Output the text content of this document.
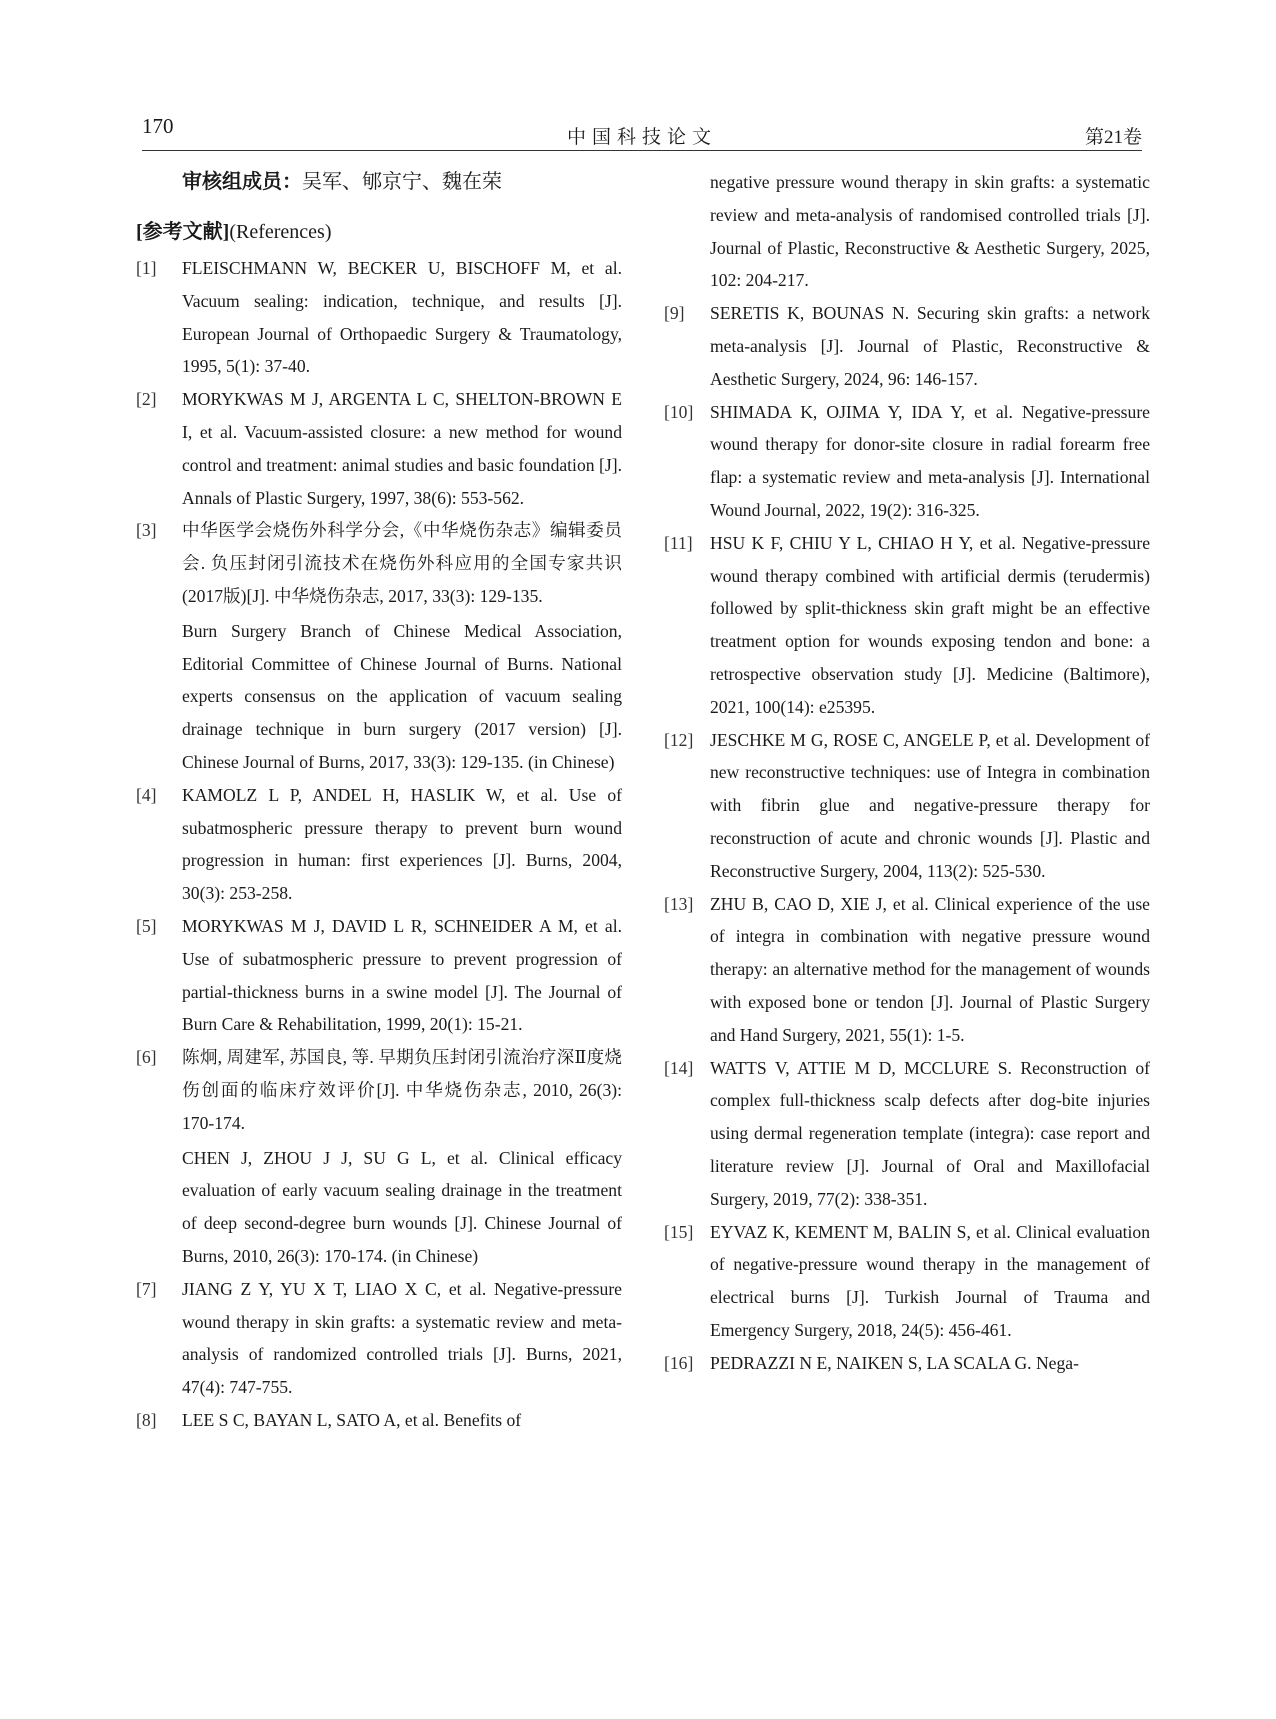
170	中国科技论文	第21卷
审核组成员：吴军、郇京宁、魏在荣
[参考文献](References)
[1]	FLEISCHMANN W, BECKER U, BISCHOFF M, et al. Vacuum sealing: indication, technique, and results [J]. European Journal of Orthopaedic Surgery & Traumatology, 1995, 5(1): 37-40.

[2]	MORYKWAS M J, ARGENTA L C, SHELTON-BROWN E I, et al. Vacuum-assisted closure: a new method for wound control and treatment: animal studies and basic foundation [J]. Annals of Plastic Surgery, 1997, 38(6): 553-562.

[3]	中华医学会烧伤外科学分会,《中华烧伤杂志》编辑委员会. 负压封闭引流技术在烧伤外科应用的全国专家共识(2017版)[J]. 中华烧伤杂志, 2017, 33(3): 129-135.

Burn Surgery Branch of Chinese Medical Association, Editorial Committee of Chinese Journal of Burns. National experts consensus on the application of vacuum sealing drainage technique in burn surgery (2017 version) [J]. Chinese Journal of Burns, 2017, 33(3): 129-135. (in Chinese)

[4]	KAMOLZ L P, ANDEL H, HASLIK W, et al. Use of subatmospheric pressure therapy to prevent burn wound progression in human: first experiences [J]. Burns, 2004, 30(3): 253-258.

[5]	MORYKWAS M J, DAVID L R, SCHNEIDER A M, et al. Use of subatmospheric pressure to prevent progression of partial-thickness burns in a swine model [J]. The Journal of Burn Care & Rehabilitation, 1999, 20(1): 15-21.

[6]	陈炯, 周建军, 苏国良, 等. 早期负压封闭引流治疗深Ⅱ度烧伤创面的临床疗效评价[J]. 中华烧伤杂志, 2010, 26(3): 170-174.

CHEN J, ZHOU J J, SU G L, et al. Clinical efficacy evaluation of early vacuum sealing drainage in the treatment of deep second-degree burn wounds [J]. Chinese Journal of Burns, 2010, 26(3): 170-174. (in Chinese)

[7]	JIANG Z Y, YU X T, LIAO X C, et al. Negative-pressure wound therapy in skin grafts: a systematic review and meta-analysis of randomized controlled trials [J]. Burns, 2021, 47(4): 747-755.

[8]	LEE S C, BAYAN L, SATO A, et al. Benefits of

negative pressure wound therapy in skin grafts: a systematic review and meta-analysis of randomised controlled trials [J]. Journal of Plastic, Reconstructive & Aesthetic Surgery, 2025, 102: 204-217.

[9]	SERETIS K, BOUNAS N. Securing skin grafts: a network meta-analysis [J]. Journal of Plastic, Reconstructive & Aesthetic Surgery, 2024, 96: 146-157.

[10] SHIMADA K, OJIMA Y, IDA Y, et al. Negative-pressure wound therapy for donor-site closure in radial forearm free flap: a systematic review and meta-analysis [J]. International Wound Journal, 2022, 19(2): 316-325.

[11] HSU K F, CHIU Y L, CHIAO H Y, et al. Negative-pressure wound therapy combined with artificial dermis (terudermis) followed by split-thickness skin graft might be an effective treatment option for wounds exposing tendon and bone: a retrospective observation study [J]. Medicine (Baltimore), 2021, 100(14): e25395.

[12] JESCHKE M G, ROSE C, ANGELE P, et al. Development of new reconstructive techniques: use of Integra in combination with fibrin glue and negative-pressure therapy for reconstruction of acute and chronic wounds [J]. Plastic and Reconstructive Surgery, 2004, 113(2): 525-530.

[13] ZHU B, CAO D, XIE J, et al. Clinical experience of the use of integra in combination with negative pressure wound therapy: an alternative method for the management of wounds with exposed bone or tendon [J]. Journal of Plastic Surgery and Hand Surgery, 2021, 55(1): 1-5.

[14] WATTS V, ATTIE M D, MCCLURE S. Reconstruction of complex full-thickness scalp defects after dog-bite injuries using dermal regeneration template (integra): case report and literature review [J]. Journal of Oral and Maxillofacial Surgery, 2019, 77(2): 338-351.

[15] EYVAZ K, KEMENT M, BALIN S, et al. Clinical evaluation of negative-pressure wound therapy in the management of electrical burns [J]. Turkish Journal of Trauma and Emergency Surgery, 2018, 24(5): 456-461.

[16] PEDRAZZI N E, NAIKEN S, LA SCALA G. Nega-
